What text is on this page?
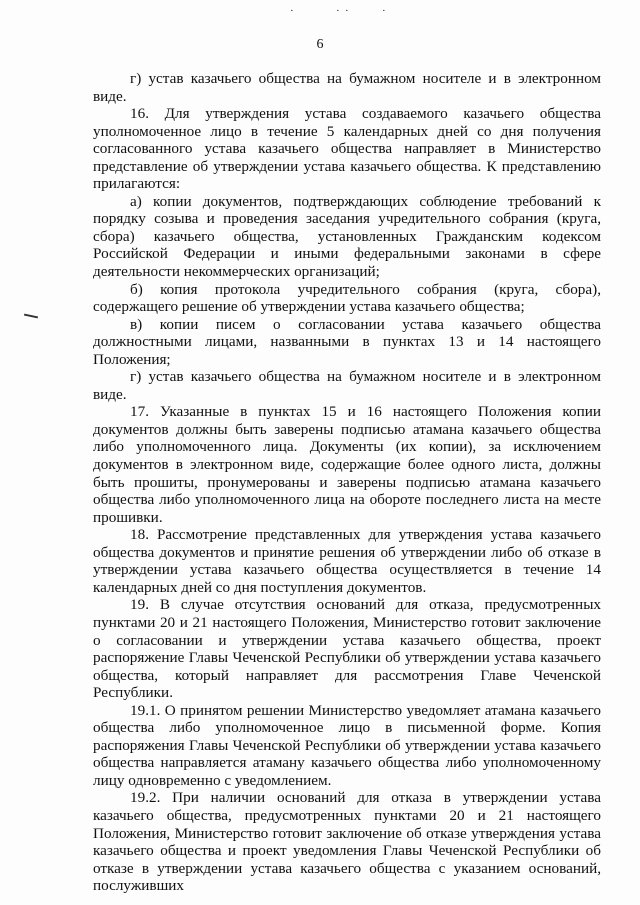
·	· ·	·
6

г) устав казачьего общества на бумажном носителе и в электронном виде.

16. Для утверждения устава создаваемого казачьего общества уполномоченное лицо в течение 5 календарных дней со дня получения согласованного устава казачьего общества направляет в Министерство представление об утверждении устава казачьего общества. К представлению прилагаются:

а) копии документов, подтверждающих соблюдение требований к порядку созыва и проведения заседания учредительного собрания (круга, сбора) казачьего общества, установленных Гражданским кодексом Российской Федерации и иными федеральными законами в сфере деятельности некоммерческих организаций;

б) копия протокола учредительного собрания (круга, сбора), содержащего решение об утверждении устава казачьего общества;

в) копии писем о согласовании устава казачьего общества должностными лицами, названными в пунктах 13 и 14 настоящего Положения;

г) устав казачьего общества на бумажном носителе и в электронном виде.

17. Указанные в пунктах 15 и 16 настоящего Положения копии документов должны быть заверены подписью атамана казачьего общества либо уполномоченного лица. Документы (их копии), за исключением документов в электронном виде, содержащие более одного листа, должны быть прошиты, пронумерованы и заверены подписью атамана казачьего общества либо уполномоченного лица на обороте последнего листа на месте прошивки.

18. Рассмотрение представленных для утверждения устава казачьего общества документов и принятие решения об утверждении либо об отказе в утверждении устава казачьего общества осуществляется в течение 14 календарных дней со дня поступления документов.

19. В случае отсутствия оснований для отказа, предусмотренных пунктами 20 и 21 настоящего Положения, Министерство готовит заключение о согласовании и утверждении устава казачьего общества, проект распоряжение Главы Чеченской Республики об утверждении устава казачьего общества, который направляет для рассмотрения Главе Чеченской Республики.

19.1. О принятом решении Министерство уведомляет атамана казачьего общества либо уполномоченное лицо в письменной форме. Копия распоряжения Главы Чеченской Республики об утверждении устава казачьего общества направляется атаману казачьего общества либо уполномоченному лицу одновременно с уведомлением.

19.2. При наличии оснований для отказа в утверждении устава казачьего общества, предусмотренных пунктами 20 и 21 настоящего Положения, Министерство готовит заключение об отказе утверждения устава казачьего общества и проект уведомления Главы Чеченской Республики об отказе в утверждении устава казачьего общества с указанием оснований, послуживших
